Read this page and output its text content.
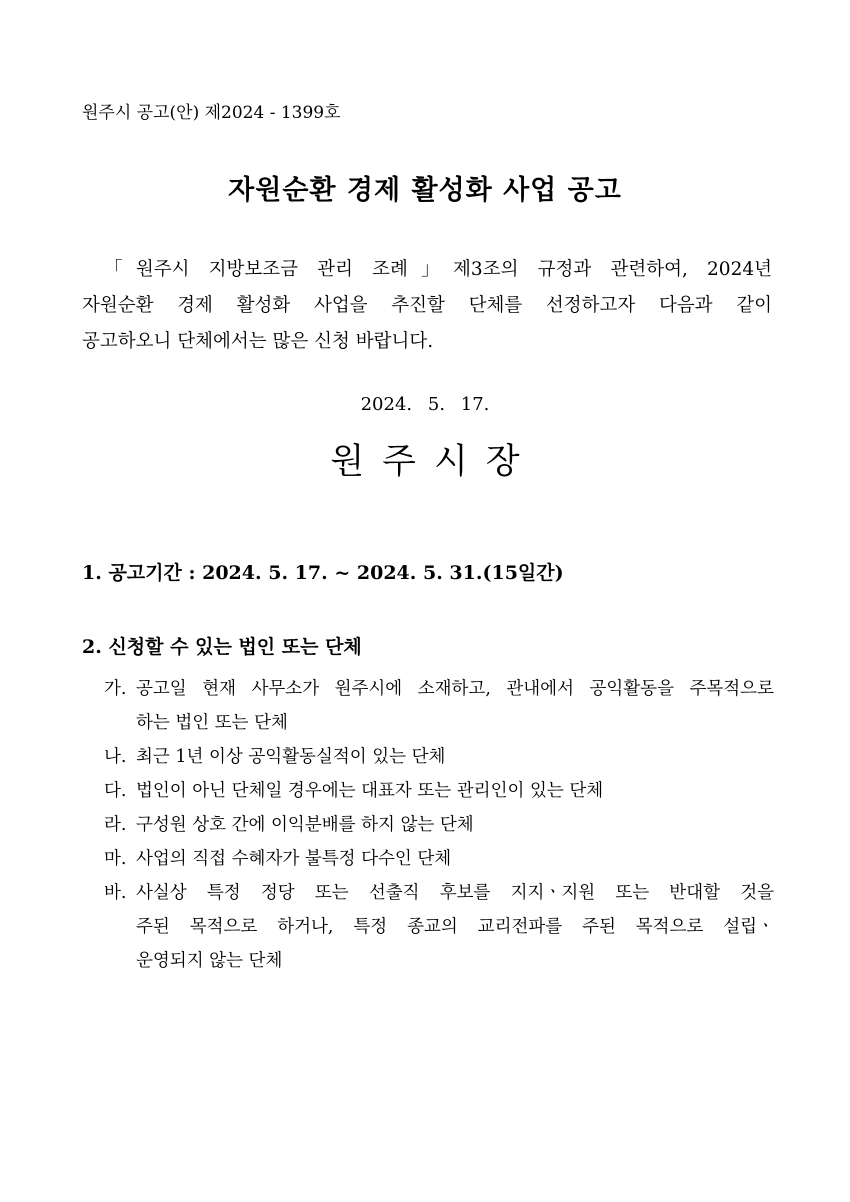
원주시 공고(안) 제2024 - 1399호
자원순환 경제 활성화 사업 공고
「원주시 지방보조금 관리 조례」제3조의 규정과 관련하여, 2024년
자원순환 경제 활성화 사업을 추진할 단체를 선정하고자 다음과 같이
공고하오니 단체에서는 많은 신청 바랍니다.
2024. 5. 17.
원주시장
1. 공고기간 : 2024. 5. 17. ~ 2024. 5. 31.(15일간)
2. 신청할 수 있는 법인 또는 단체
가. 공고일 현재 사무소가 원주시에 소재하고, 관내에서 공익활동을 주목적으로
하는 법인 또는 단체
나. 최근 1년 이상 공익활동실적이 있는 단체
다. 법인이 아닌 단체일 경우에는 대표자 또는 관리인이 있는 단체
라. 구성원 상호 간에 이익분배를 하지 않는 단체
마. 사업의 직접 수혜자가 불특정 다수인 단체
바. 사실상 특정 정당 또는 선출직 후보를 지지ㆍ지원 또는 반대할 것을
주된 목적으로 하거나, 특정 종교의 교리전파를 주된 목적으로 설립ㆍ
운영되지 않는 단체
